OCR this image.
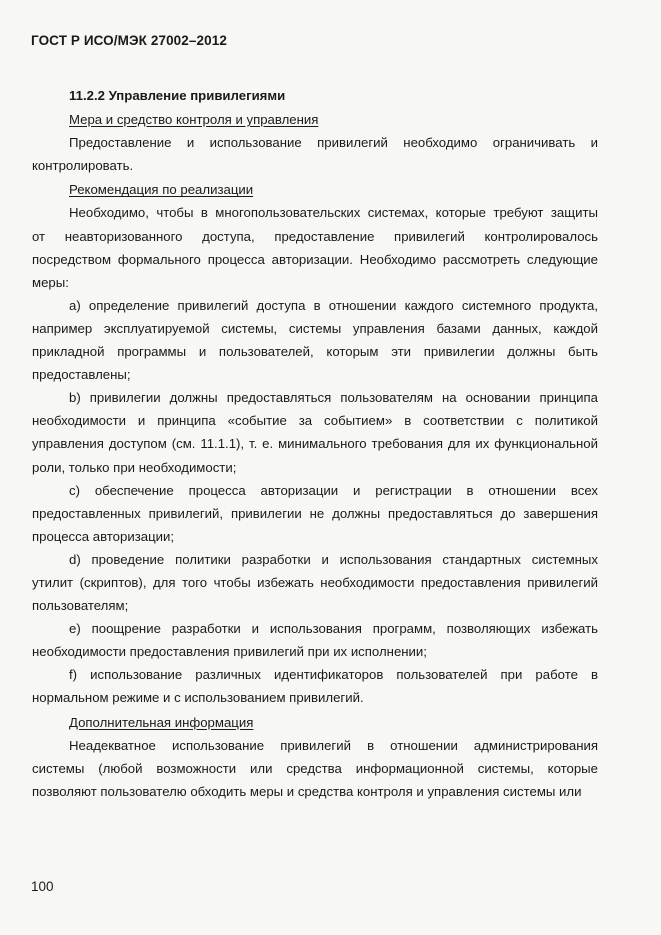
ГОСТ Р ИСО/МЭК 27002–2012

11.2.2 Управление привилегиями

Мера и средство контроля и управления

Предоставление и использование привилегий необходимо ограничивать и

контролировать.

Рекомендация по реализации

Необходимо, чтобы в многопользовательских системах, которые требуют защиты

от неавторизованного доступа, предоставление привилегий контролировалось

посредством формального процесса авторизации. Необходимо рассмотреть следующие

меры:

а) определение привилегий доступа в отношении каждого системного продукта,

например эксплуатируемой системы, системы управления базами данных, каждой

прикладной программы и пользователей, которым эти привилегии должны быть

предоставлены;

b) привилегии должны предоставляться пользователям на основании принципа

необходимости и принципа «событие за событием» в соответствии с политикой

управления доступом (см. 11.1.1), т. е. минимального требования для их функциональной

роли, только при необходимости;

c) обеспечение процесса авторизации и регистрации в отношении всех

предоставленных привилегий, привилегии не должны предоставляться до завершения

процесса авторизации;

d) проведение политики разработки и использования стандартных системных

утилит (скриптов), для того чтобы избежать необходимости предоставления привилегий

пользователям;

е) поощрение разработки и использования программ, позволяющих избежать

необходимости предоставления привилегий при их исполнении;

f) использование различных идентификаторов пользователей при работе в

нормальном режиме и с использованием привилегий.

Дополнительная информация

Неадекватное использование привилегий в отношении администрирования

системы (любой возможности или средства информационной системы, которые

позволяют пользователю обходить меры и средства контроля и управления системы или

100
